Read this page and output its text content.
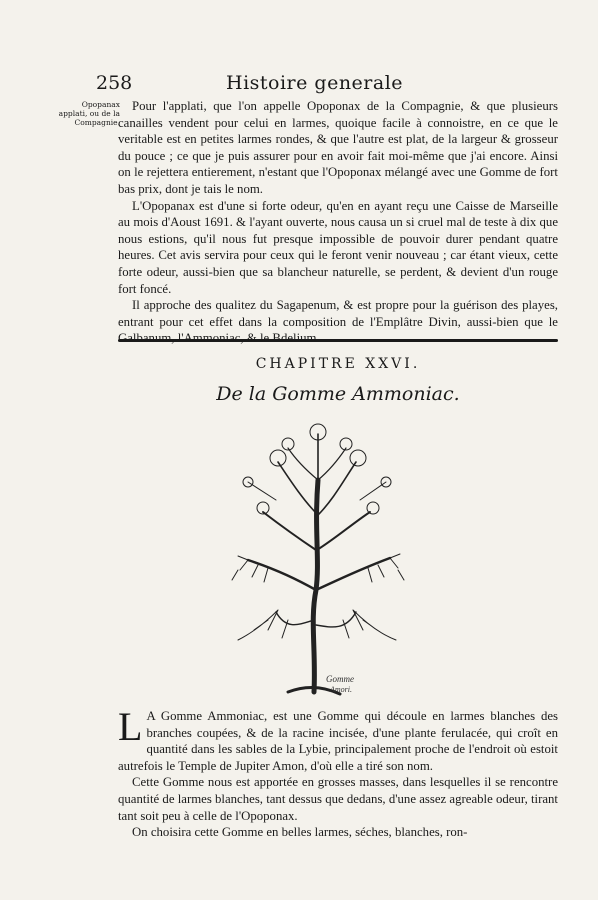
258	Histoire generale
Opopanax applati, ou de la Compagnie.

Pour l'applati, que l'on appelle Opoponax de la Compagnie, & que plusieurs canailles vendent pour celui en larmes, quoique facile à connoistre, en ce que le veritable est en petites larmes rondes, & que l'autre est plat, de la largeur & grosseur du pouce ; ce que je puis assurer pour en avoir fait moi-même que j'ai encore. Ainsi on le rejettera entierement, n'estant que l'Opoponax mélangé avec une Gomme de fort bas prix, dont je tais le nom.

L'Opopanax est d'une si forte odeur, qu'en en ayant reçu une Caisse de Marseille au mois d'Aoust 1691. & l'ayant ouverte, nous causa un si cruel mal de teste à dix que nous estions, qu'il nous fut presque impossible de pouvoir durer pendant quatre heures. Cet avis servira pour ceux qui le feront venir nouveau ; car étant vieux, cette forte odeur, aussi-bien que sa blancheur naturelle, se perdent, & devient d'un rouge fort foncé.

Il approche des qualitez du Sagapenum, & est propre pour la guérison des playes, entrant pour cet effet dans la composition de l'Emplâtre Divin, aussi-bien que le

CHAPITRE XXVI.
De la Gomme Ammoniac.
Gomme
Amori.

L A Gomme Ammoniac, est une Gomme qui découle en larmes blanches des branches coupées, & de la racine incisée, d'une plante ferulacée, qui croît en quantité dans les sables de la Lybie, principalement proche de l'endroit où estoit autrefois le Temple de Jupiter Amon, d'où elle a tiré son nom.

Cette Gomme nous est apportée en grosses masses, dans lesquelles il se rencontre quantité de larmes blanches, tant dessus que dedans, d'une assez agreable odeur, tirant tant soit peu à celle de l'Opoponax.

On choisira cette Gomme en belles larmes, séches, blanches, ron-
